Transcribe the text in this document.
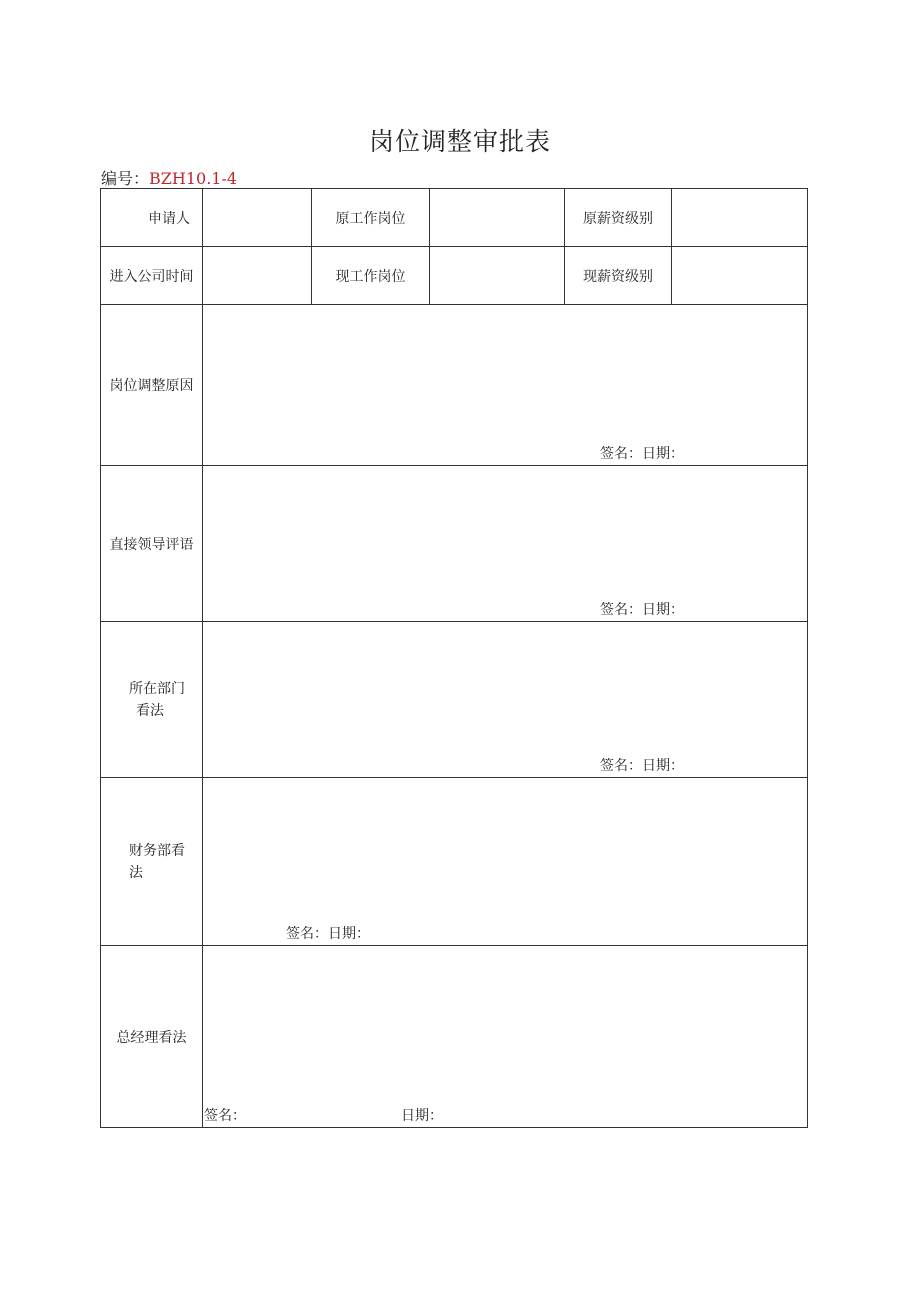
岗位调整审批表
编号：BZH10.1-4
申请人		原工作岗位		原薪资级别	
进入公司时间		现工作岗位		现薪资级别	
岗位调整原因	签名：日期：				

直接领导评语	签名：日期：				

所在部门
看法	签名：日期：				

财务部看
法	签名：日期：				

总经理看法	签名： 日期：				
